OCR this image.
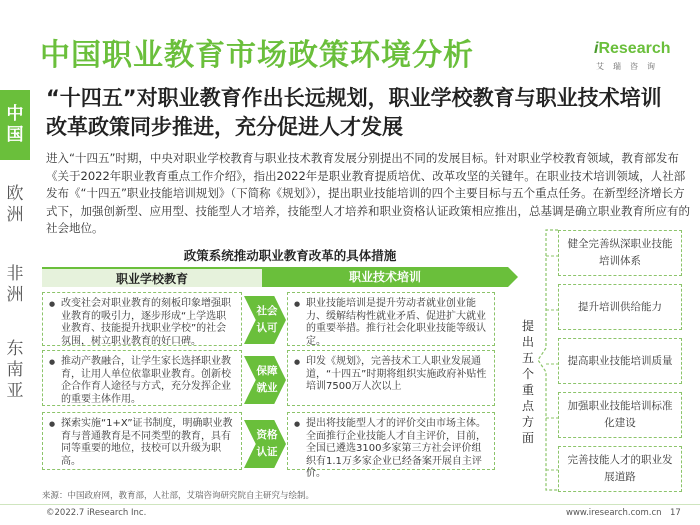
中国职业教育市场政策环境分析	iResearch
艾瑞咨询
中
国
欧
洲
非
洲
东
南
亚
“十四五”对职业教育作出长远规划，职业学校教育与职业技术培训改革政策同步推进，充分促进人才发展
进入“十四五”时期，中央对职业学校教育与职业技术教育发展分别提出不同的发展目标。针对职业学校教育领域，教育部发布《关于2022年职业教育重点工作介绍》，指出2022年是职业教育提质培优、改革攻坚的关键年。在职业技术培训领域，人社部发布《“十四五”职业技能培训规划》（下简称《规划》），提出职业技能培训的四个主要目标与五个重点任务。在新型经济增长方式下，加强创新型、应用型、技能型人才培养，技能型人才培养和职业资格认证政策相应推出，总基调是确立职业教育所应有的社会地位。
政策系统推动职业教育改革的具体措施
职业学校教育	职业技术培训
● 改变社会对职业教育的刻板印象增强职业教育的吸引力，逐步形成“上学选职业教育、技能提升找职业学校”的社会氛围，树立职业教育的好口碑。
社会认可
● 职业技能培训是提升劳动者就业创业能力、缓解结构性就业矛盾、促进扩大就业的重要举措。推行社会化职业技能等级认定。
● 推动产教融合，让学生家长选择职业教育，让用人单位依靠职业教育。创新校企合作育人途径与方式，充分发挥企业的重要主体作用。
保障就业
● 印发《规划》，完善技术工人职业发展通道，“十四五”时期将组织实施政府补贴性培训7500万人次以上
● 探索实施“1+X”证书制度，明确职业教育与普通教育是不同类型的教育，具有同等重要的地位，技校可以升级为职高。
资格认证
● 提出将技能型人才的评价交由市场主体。全面推行企业技能人才自主评价，目前，全国已遴选3100多家第三方社会评价组织有1.1万多家企业已经备案开展自主评价。
提
出
五
个
重
点
方
面
健全完善纵深职业技能培训体系
提升培训供给能力
提高职业技能培训质量
加强职业技能培训标准化建设
完善技能人才的职业发展道路
来源：中国政府网，教育部，人社部，艾瑞咨询研究院自主研究与绘制。
©2022.7 iResearch Inc.	www.iresearch.com.cn 17
